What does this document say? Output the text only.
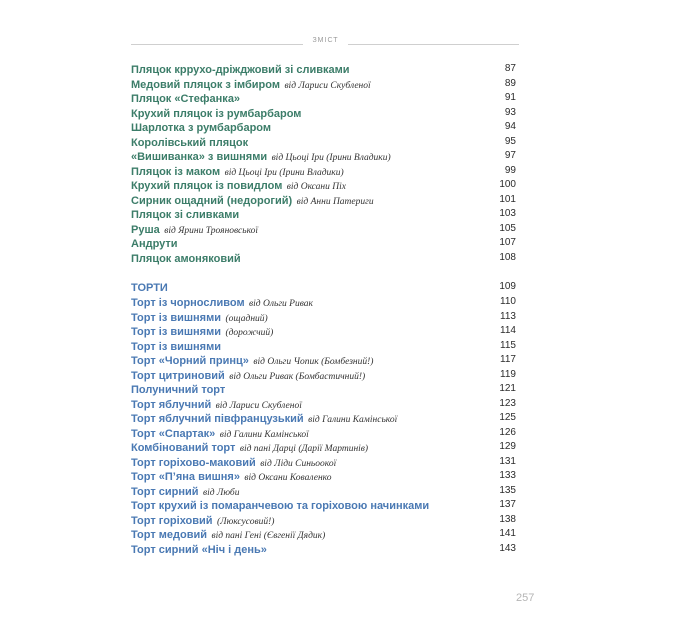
ЗМІСТ
Пляцок кррухо-дріжджовий зі сливками	87
Медовий пляцок з імбиром від Лариси Скубленої	89
Пляцок «Стефанка»	91
Крухий пляцок із румбарбаром	93
Шарлотка з румбарбаром	94
Королівський пляцок	95
«Вишиванка» з вишнями від Цьоці Іри (Ірини Владики)	97
Пляцок із маком від Цьоці Іри (Ірини Владики)	99
Крухий пляцок із повидлом від Оксани Піх	100
Сирник ощадний (недорогий) від Анни Патериги	101
Пляцок зі сливками	103
Руша від Ярини Трояновської	105
Андрути	107
Пляцок амоняковий	108
ТОРТИ	109
Торт із чорносливом від Ольги Ривак	110
Торт із вишнями (ощадний)	113
Торт із вишнями (дорожчий)	114
Торт із вишнями	115
Торт «Чорний принц» від Ольги Чопик (Бомбезний!)	117
Торт цитриновий від Ольги Ривак (Бомбастичний!)	119
Полуничний торт	121
Торт яблучний від Лариси Скубленої	123
Торт яблучний півфранцузький від Галини Камінської	125
Торт «Спартак» від Галини Камінської	126
Комбінований торт від пані Дарці (Дарії Мартинів)	129
Торт горіхово-маковий від Ліди Синьоокої	131
Торт «П’яна вишня» від Оксани Коваленко	133
Торт сирний від Люби	135
Торт крухий із помаранчевою та горіховою начинками	137
Торт горіховий (Люксусовий!)	138
Торт медовий від пані Гені (Євгенії Дядик)	141
Торт сирний «Ніч і день»	143
257
